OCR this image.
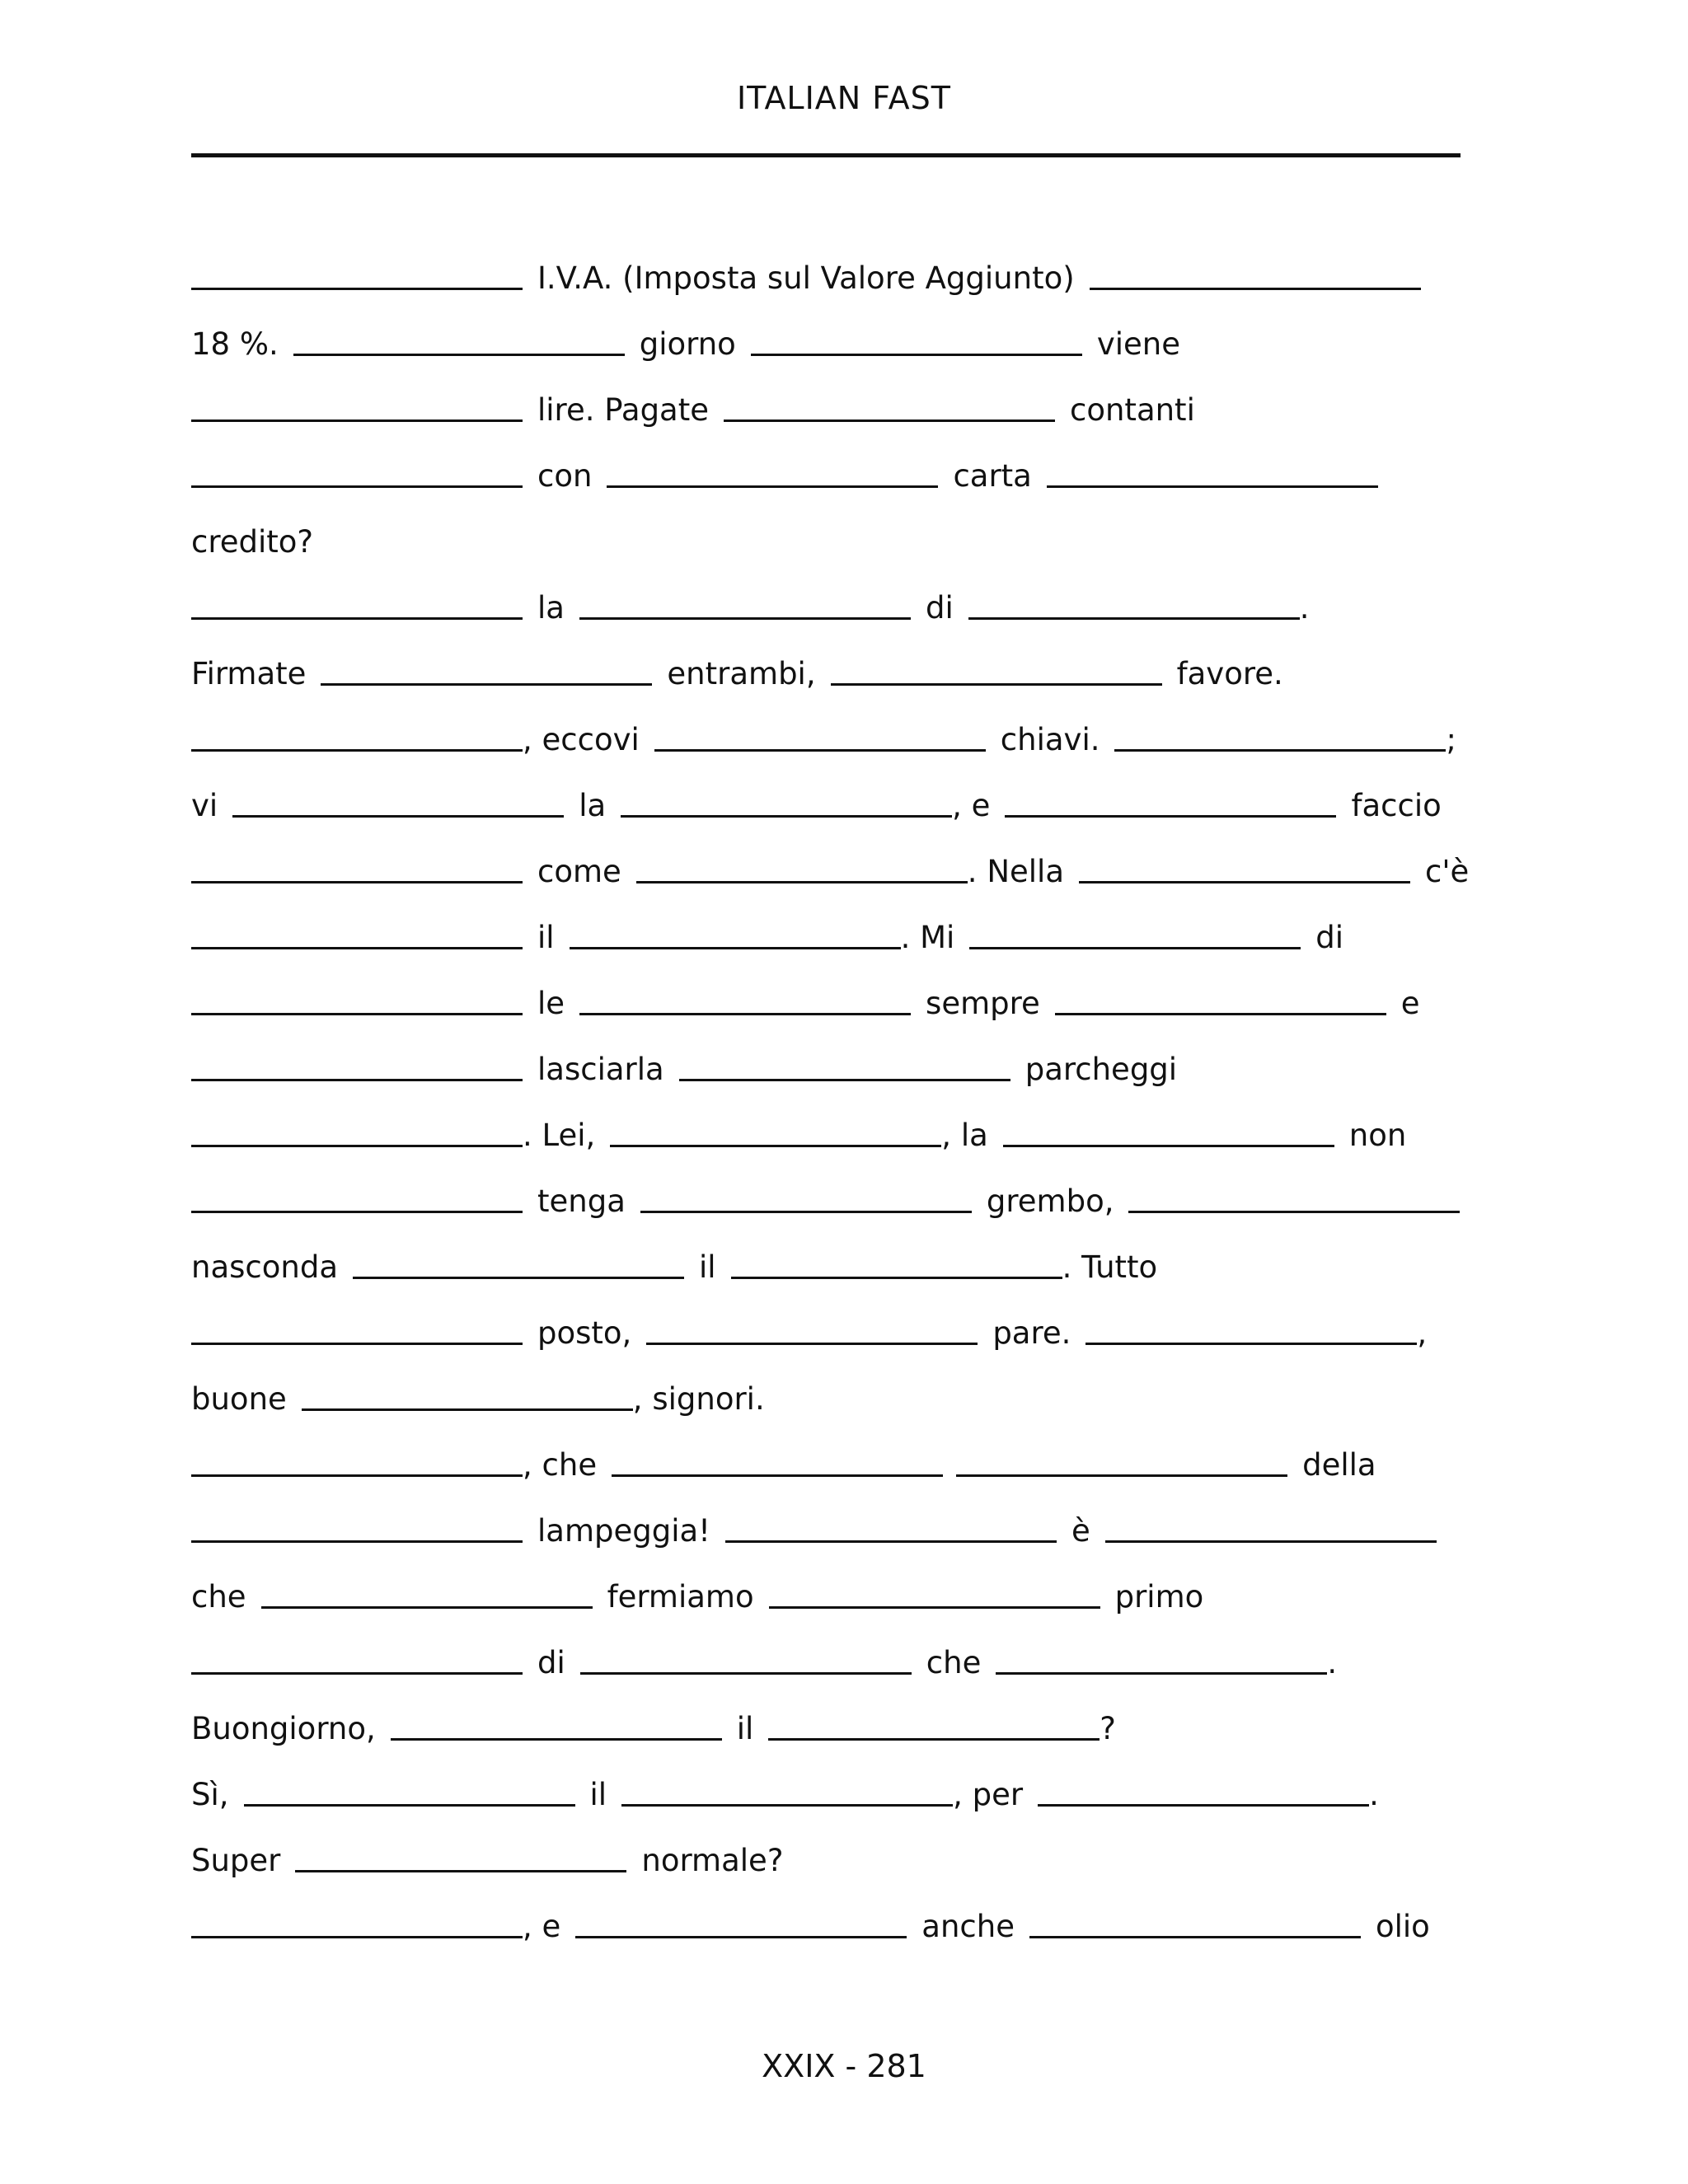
ITALIAN FAST
I.V.A. (Imposta sul Valore Aggiunto)
18 %.	giorno	viene
lire. Pagate	contanti
con	carta
credito?
la	di	.
Firmate	entrambi,	favore.
, eccovi	chiavi.	;
vi	la	, e	faccio
come	. Nella	c'è
il	. Mi	di
le	sempre	e
lasciarla	parcheggi
. Lei,	, la	non
tenga	grembo,
nasconda	il	. Tutto
posto,	pare.	,
buone	, signori.
, che	della
lampeggia!	è
che	fermiamo	primo
di	che	.
Buongiorno,	il	?
Sì,	il	, per	.
Super	normale?
, e	anche	olio
XXIX - 281
